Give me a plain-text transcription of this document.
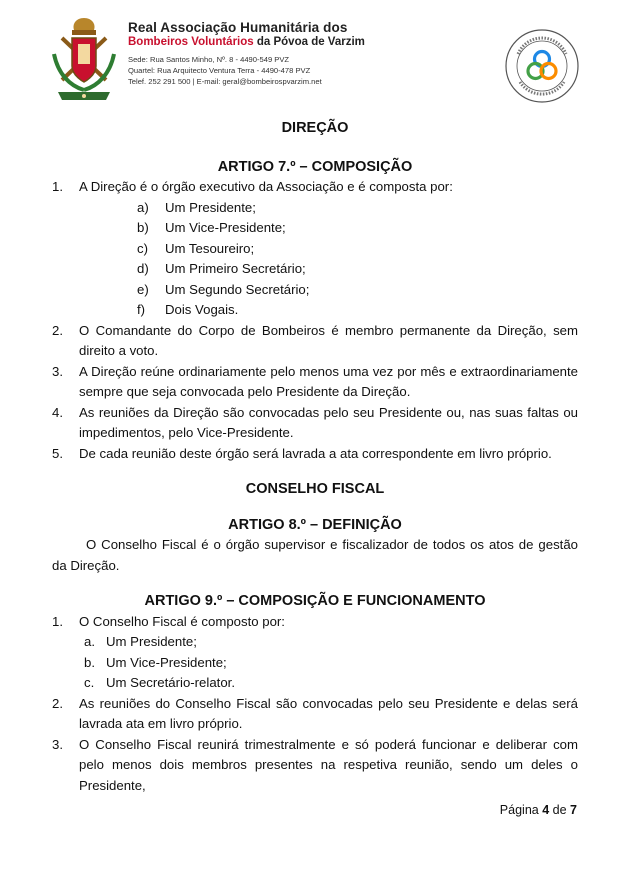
Real Associação Humanitária dos
Bombeiros Voluntários da Póvoa de Varzim
Sede: Rua Santos Minho, Nº. 8 - 4490-549 PVZ
Quartel: Rua Arquitecto Ventura Terra - 4490-478 PVZ
Telef. 252 291 500 | E-mail: geral@bombeirospvarzim.net
DIREÇÃO
ARTIGO 7.º – COMPOSIÇÃO
1.	A Direção é o órgão executivo da Associação e é composta por:
a)	Um Presidente;
b)	Um Vice-Presidente;
c)	Um Tesoureiro;
d)	Um Primeiro Secretário;
e)	Um Segundo Secretário;
f)	Dois Vogais.
2.	O Comandante do Corpo de Bombeiros é membro permanente da Direção, sem direito a voto.
3.	A Direção reúne ordinariamente pelo menos uma vez por mês e extraordinariamente sempre que seja convocada pelo Presidente da Direção.
4.	As reuniões da Direção são convocadas pelo seu Presidente ou, nas suas faltas ou impedimentos, pelo Vice-Presidente.
5.	De cada reunião deste órgão será lavrada a ata correspondente em livro próprio.
CONSELHO FISCAL
ARTIGO 8.º – DEFINIÇÃO

O Conselho Fiscal é o órgão supervisor e fiscalizador de todos os atos de gestão da Direção.

ARTIGO 9.º – COMPOSIÇÃO E FUNCIONAMENTO
1.	O Conselho Fiscal é composto por:
a. Um Presidente;
b. Um Vice-Presidente;
c. Um Secretário-relator.
2.	As reuniões do Conselho Fiscal são convocadas pelo seu Presidente e delas será lavrada ata em livro próprio.
3.	O Conselho Fiscal reunirá trimestralmente e só poderá funcionar e deliberar com pelo menos dois membros presentes na respetiva reunião, sendo um deles o Presidente,
Página 4 de 7
